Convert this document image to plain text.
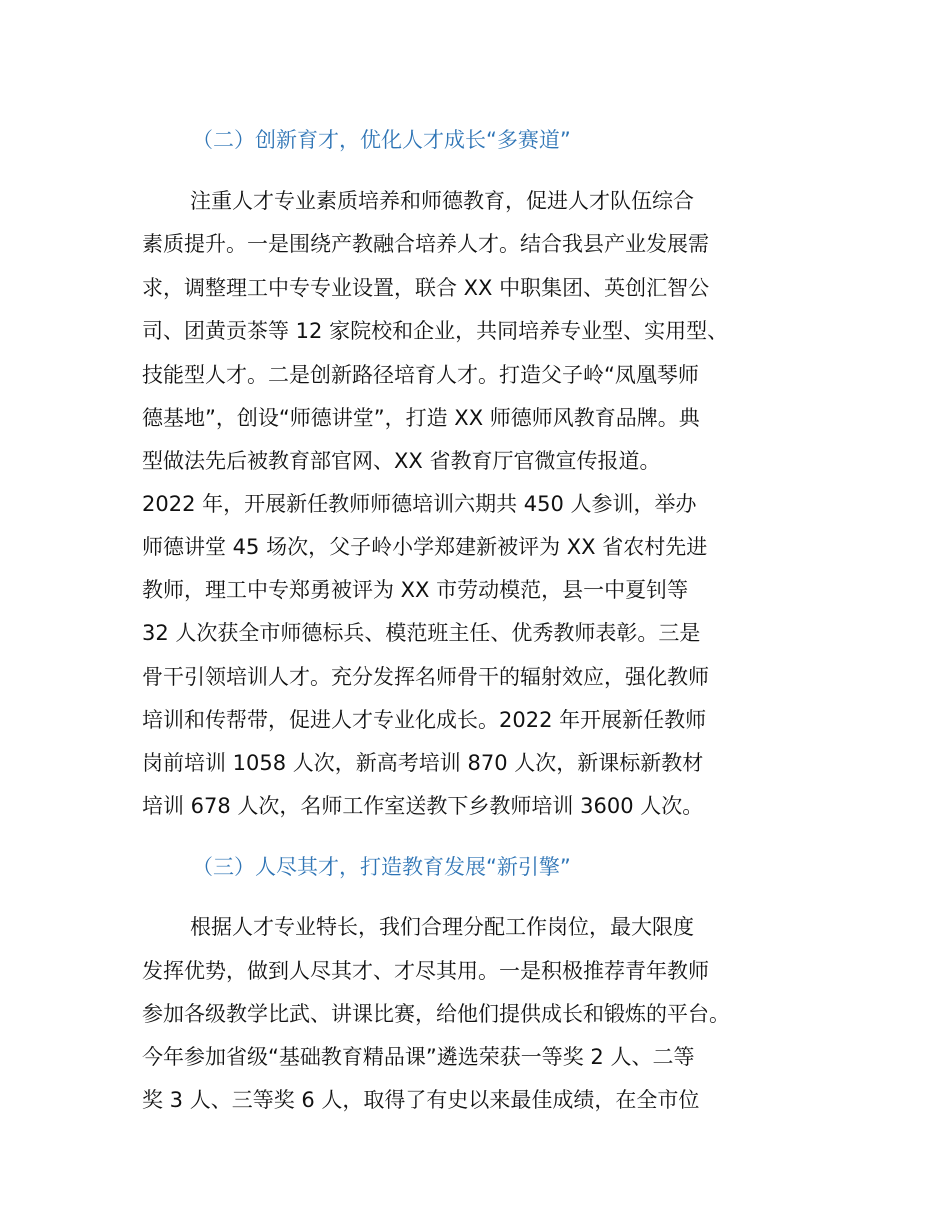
（二）创新育才，优化人才成长“多赛道”
注重人才专业素质培养和师德教育，促进人才队伍综合
素质提升。一是围绕产教融合培养人才。结合我县产业发展需
求，调整理工中专专业设置，联合 XX 中职集团、英创汇智公
司、团黄贡茶等 12 家院校和企业，共同培养专业型、实用型、
技能型人才。二是创新路径培育人才。打造父子岭“凤凰琴师
德基地”，创设“师德讲堂”，打造 XX 师德师风教育品牌。典
型做法先后被教育部官网、XX 省教育厅官微宣传报道。
2022 年，开展新任教师师德培训六期共 450 人参训，举办
师德讲堂 45 场次，父子岭小学郑建新被评为 XX 省农村先进
教师，理工中专郑勇被评为 XX 市劳动模范，县一中夏钊等
32 人次获全市师德标兵、模范班主任、优秀教师表彰。三是
骨干引领培训人才。充分发挥名师骨干的辐射效应，强化教师
培训和传帮带，促进人才专业化成长。2022 年开展新任教师
岗前培训 1058 人次，新高考培训 870 人次，新课标新教材
培训 678 人次，名师工作室送教下乡教师培训 3600 人次。
（三）人尽其才，打造教育发展“新引擎”
根据人才专业特长，我们合理分配工作岗位，最大限度
发挥优势，做到人尽其才、才尽其用。一是积极推荐青年教师
参加各级教学比武、讲课比赛，给他们提供成长和锻炼的平台。
今年参加省级“基础教育精品课”遴选荣获一等奖 2 人、二等
奖 3 人、三等奖 6 人，取得了有史以来最佳成绩，在全市位
